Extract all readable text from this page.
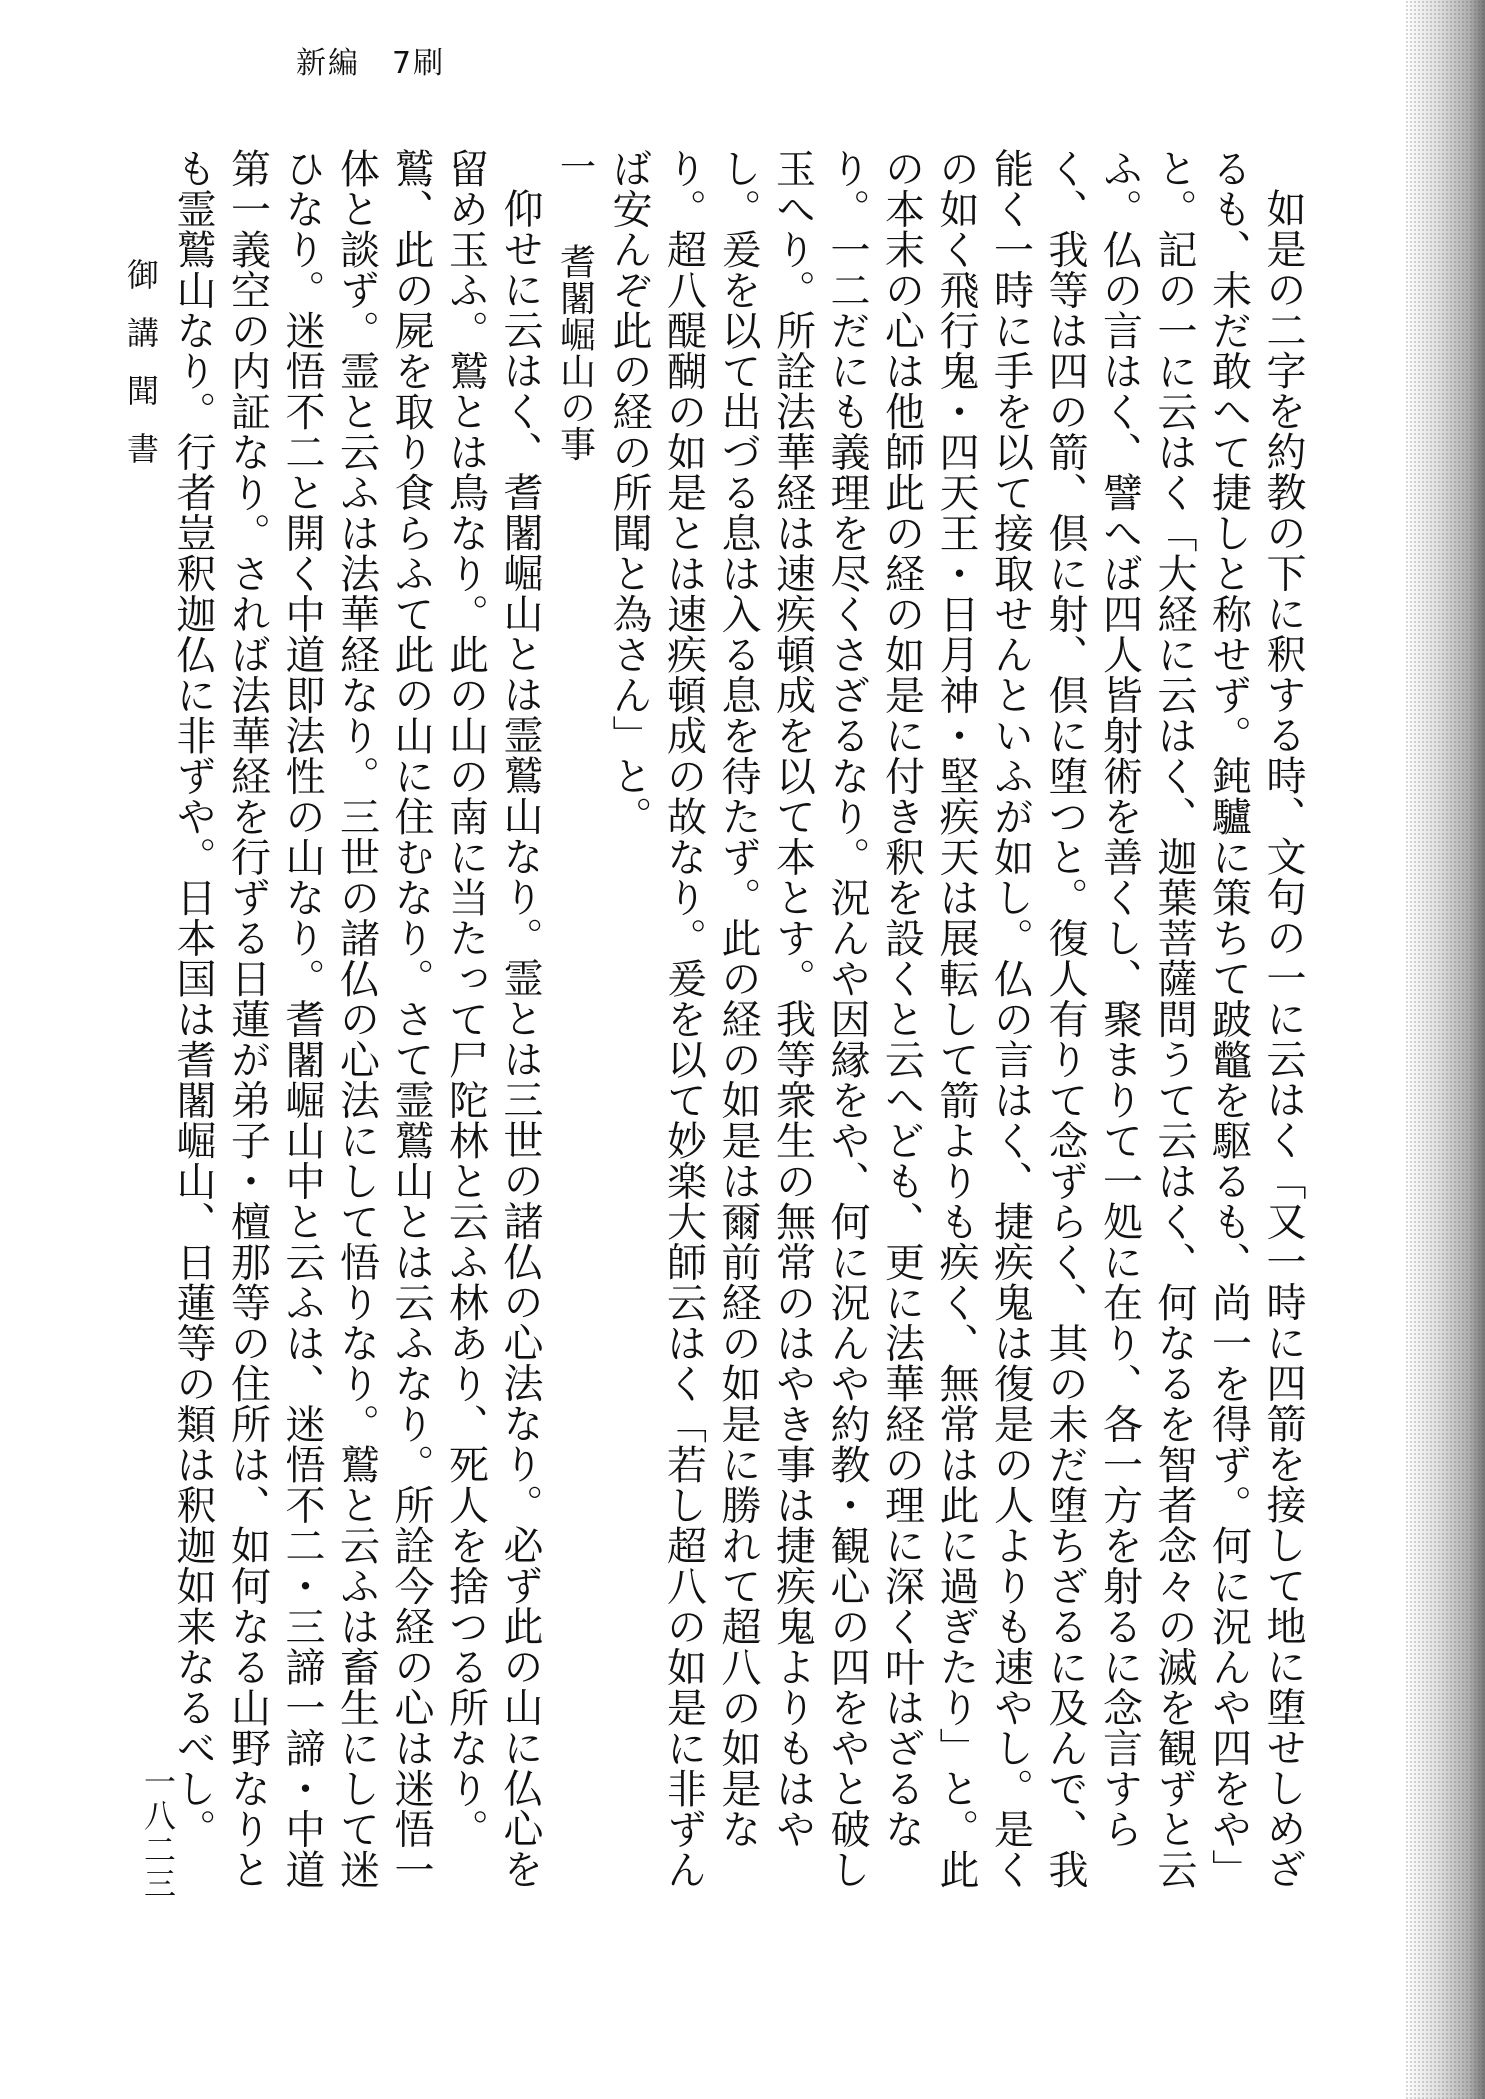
新編　7刷

如是の二字を約教の下に釈する時、文句の一に云はく「又一時に四箭を接して地に堕せしめざるも、未だ敢へて捷しと称せず。鈍驢に策ちて跛鼈を駆るも、尚一を得ず。何に況んや四をや」と。記の一に云はく「大経に云はく、迦葉菩薩問うて云はく、何なるを智者念々の滅を観ずと云ふ。仏の言はく、譬へば四人皆射術を善くし、聚まりて一処に在り、各一方を射るに念言すらく、我等は四の箭、倶に射、倶に堕つと。復人有りて念ずらく、其の未だ堕ちざるに及んで、我能く一時に手を以て接取せんといふが如し。仏の言はく、捷疾鬼は復是の人よりも速やし。是くの如く飛行鬼・四天王・日月神・堅疾天は展転して箭よりも疾く、無常は此に過ぎたり」と。此の本末の心は他師此の経の如是に付き釈を設くと云へども、更に法華経の理に深く叶はざるなり。一二だにも義理を尽くさざるなり。況んや因縁をや、何に況んや約教・観心の四をやと破し玉へり。所詮法華経は速疾頓成を以て本とす。我等衆生の無常のはやき事は捷疾鬼よりもはやし。爰を以て出づる息は入る息を待たず。此の経の如是は爾前経の如是に勝れて超八の如是なり。超八醍醐の如是とは速疾頓成の故なり。爰を以て妙楽大師云はく「若し超八の如是に非ずんば安んぞ此の経の所聞と為さん」と。

一　耆闍崛山の事

仰せに云はく、耆闍崛山とは霊鷲山なり。霊とは三世の諸仏の心法なり。必ず此の山に仏心を留め玉ふ。鷲とは鳥なり。此の山の南に当たって尸陀林と云ふ林あり、死人を捨つる所なり。鷲、此の屍を取り食らふて此の山に住むなり。さて霊鷲山とは云ふなり。所詮今経の心は迷悟一体と談ず。霊と云ふは法華経なり。三世の諸仏の心法にして悟りなり。鷲と云ふは畜生にして迷ひなり。迷悟不二と開く中道即法性の山なり。耆闍崛山中と云ふは、迷悟不二・三諦一諦・中道第一義空の内証なり。されば法華経を行ずる日蓮が弟子・檀那等の住所は、如何なる山野なりとも霊鷲山なり。行者豈釈迦仏に非ずや。日本国は耆闍崛山、日蓮等の類は釈迦如来なるべし。

御講聞書
一八二三
